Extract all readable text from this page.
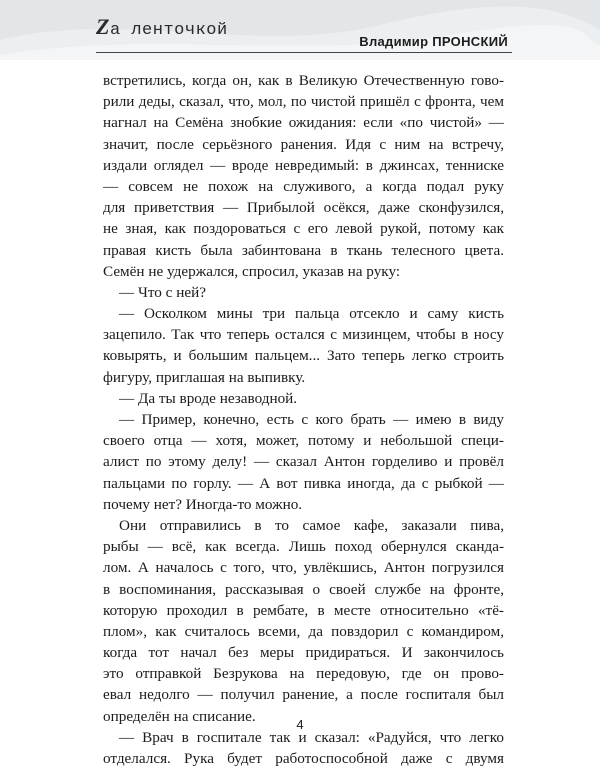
Za ленточкой
Владимир ПРОНСКИЙ
встретились, когда он, как в Великую Отечественную гово-
рили деды, сказал, что, мол, по чистой пришёл с фронта, чем
нагнал на Семёна знобкие ожидания: если «по чистой» —
значит, после серьёзного ранения. Идя с ним на встречу,
издали оглядел — вроде невредимый: в джинсах, тенниске
— совсем не похож на служивого, а когда подал руку
для приветствия — Прибылой осёкся, даже сконфузился,
не зная, как поздороваться с его левой рукой, потому как
правая кисть была забинтована в ткань телесного цвета.
Семён не удержался, спросил, указав на руку:
— Что с ней?
— Осколком мины три пальца отсекло и саму кисть
зацепило. Так что теперь остался с мизинцем, чтобы в носу
ковырять, и большим пальцем... Зато теперь легко строить
фигуру, приглашая на выпивку.
— Да ты вроде незаводной.
— Пример, конечно, есть с кого брать — имею в виду
своего отца — хотя, может, потому и небольшой специ-
алист по этому делу! — сказал Антон горделиво и провёл
пальцами по горлу. — А вот пивка иногда, да с рыбкой —
почему нет? Иногда-то можно.
Они отправились в то самое кафе, заказали пива,
рыбы — всё, как всегда. Лишь поход обернулся сканда-
лом. А началось с того, что, увлёкшись, Антон погрузился
в воспоминания, рассказывая о своей службе на фронте,
которую проходил в рембате, в месте относительно «тё-
плом», как считалось всеми, да повздорил с командиром,
когда тот начал без меры придираться. И закончилось
это отправкой Безрукова на передовую, где он прово-
евал недолго — получил ранение, а после госпиталя был
определён на списание.
— Врач в госпитале так и сказал: «Радуйся, что легко
отделался. Рука будет работоспособной даже с двумя
4
